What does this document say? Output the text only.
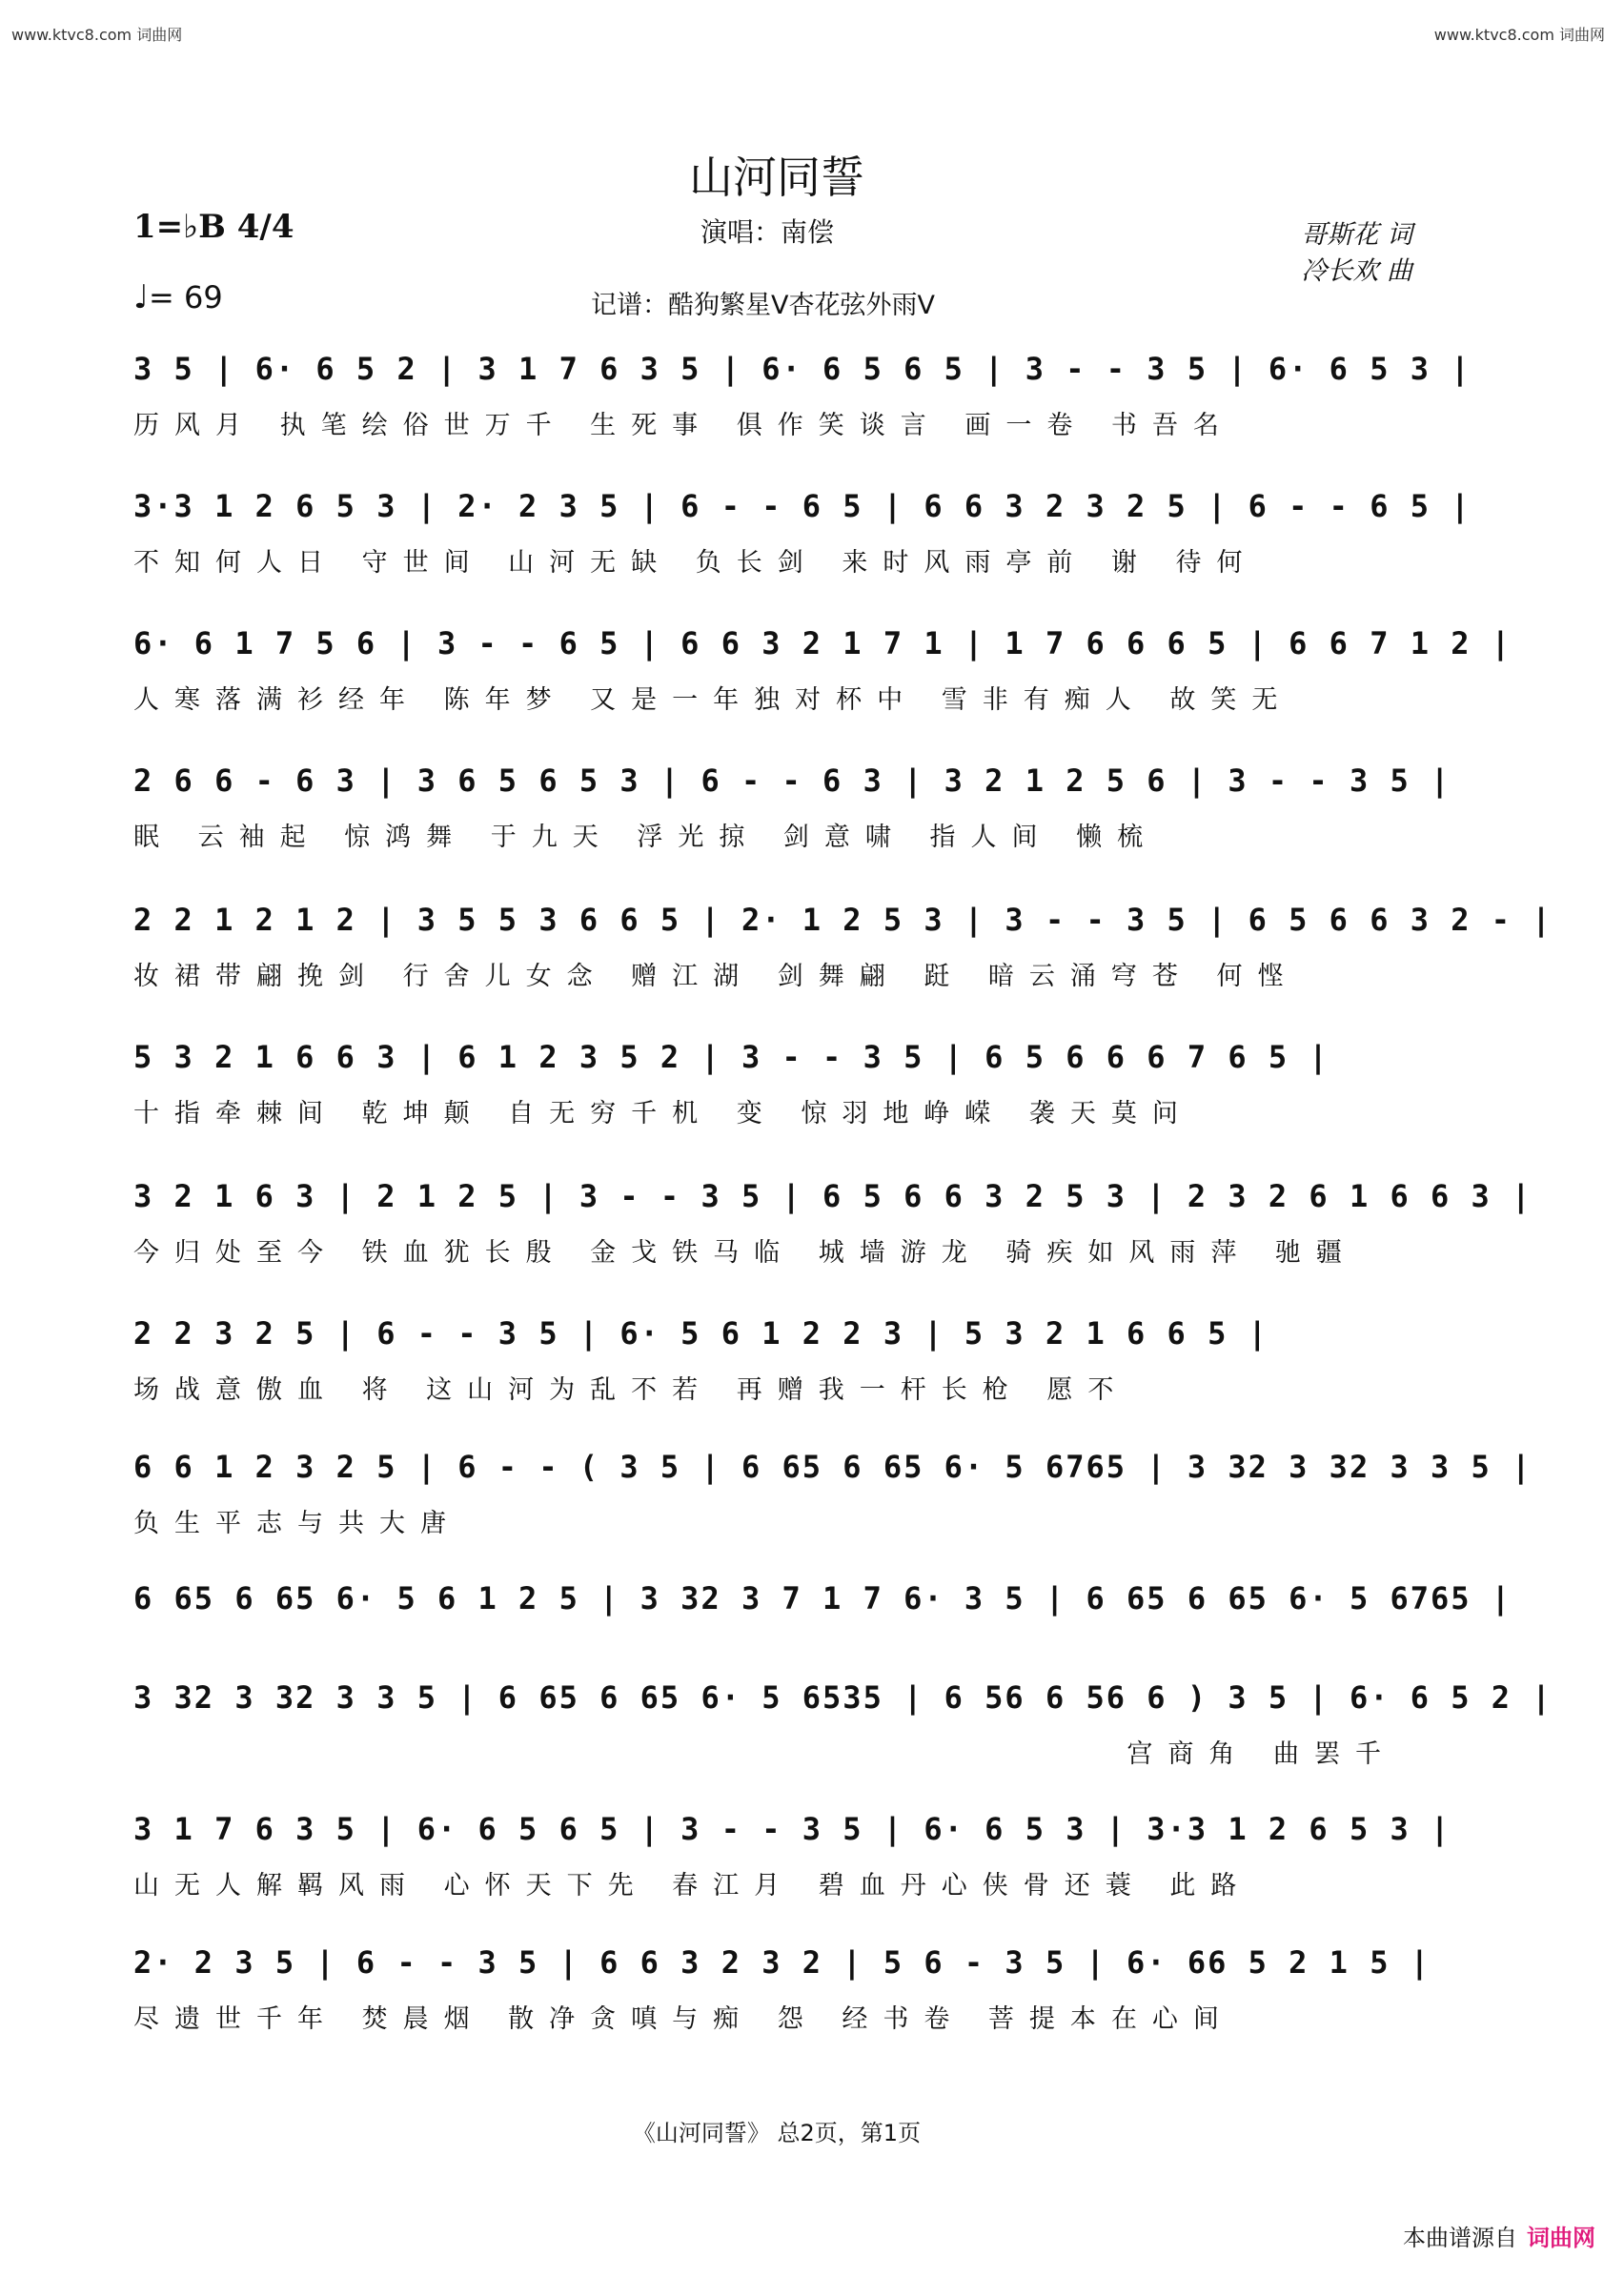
www.ktvc8.com 词曲网	www.ktvc8.com 词曲网
山河同誓
1=♭B 4/4
♩= 69
演唱：南偿
记谱：酷狗繁星V杏花弦外雨V
哥斯花 词
冷长欢 曲
3 5 | 6· 6 5 2 | 3 1 7 6 3 5 | 6· 6 5 6 5 | 3 - - 3 5 | 6· 6 5 3 |
历风月 执笔绘俗世万千 生死事 俱作笑谈言 画一卷 书吾名
3·3 1 2 6 5 3 | 2· 2 3 5 | 6 - - 6 5 | 6 6 3 2 3 2 5 | 6 - - 6 5 |
不知何人日 守世间 山河无缺 负长剑 来时风雨亭前 谢 待何
6· 6 1 7 5 6 | 3 - - 6 5 | 6 6 3 2 1 7 1 | 1 7 6 6 6 5 | 6 6 7 1 2 |
人寒落满衫经年 陈年梦 又是一年独对杯中 雪非有痴人 故笑无
2 6 6 - 6 3 | 3 6 5 6 5 3 | 6 - - 6 3 | 3 2 1 2 5 6 | 3 - - 3 5 |
眠 云袖起 惊鸿舞 于九天 浮光掠 剑意啸 指人间 懒梳
2 2 1 2 1 2 | 3 5 5 3 6 6 5 | 2· 1 2 5 3 | 3 - - 3 5 | 6 5 6 6 3 2 - |
妆裙带翩挽剑 行舍儿女念 赠江湖 剑舞翩 跹 暗云涌穹苍 何悭
5 3 2 1 6 6 3 | 6 1 2 3 5 2 | 3 - - 3 5 | 6 5 6 6 6 7 6 5 |
十指牵棘间 乾坤颠 自无穷千机 变 惊羽地峥嵘 袭天莫问
3 2 1 6 3 | 2 1 2 5 | 3 - - 3 5 | 6 5 6 6 3 2 5 3 | 2 3 2 6 1 6 6 3 |
今归处至今 铁血犹长殷 金戈铁马临 城墙游龙 骑疾如风雨萍 驰疆
2 2 3 2 5 | 6 - - 3 5 | 6· 5 6 1 2 2 3 | 5 3 2 1 6 6 5 |
场战意傲血 将 这山河为乱不若 再赠我一杆长枪 愿不
6 6 1 2 3 2 5 | 6 - - ( 3 5 | 6 65 6 65 6· 5 6765 | 3 32 3 32 3 3 5 |
负生平志与共大唐
6 65 6 65 6· 5 6 1 2 5 | 3 32 3 7 1 7 6· 3 5 | 6 65 6 65 6· 5 6765 |
3 32 3 32 3 3 5 | 6 65 6 65 6· 5 6535 | 6 56 6 56 6 ) 3 5 | 6· 6 5 2 |
宫商角 曲罢千
3 1 7 6 3 5 | 6· 6 5 6 5 | 3 - - 3 5 | 6· 6 5 3 | 3·3 1 2 6 5 3 |
山无人解羁风雨 心怀天下先 春江月 碧血丹心侠骨还蓑 此路
2· 2 3 5 | 6 - - 3 5 | 6 6 3 2 3 2 | 5 6 - 3 5 | 6· 66 5 2 1 5 |
尽遗世千年 焚晨烟 散净贪嗔与痴 怨 经书卷 菩提本在心间
《山河同誓》 总2页，第1页
本曲谱源自 词曲网
